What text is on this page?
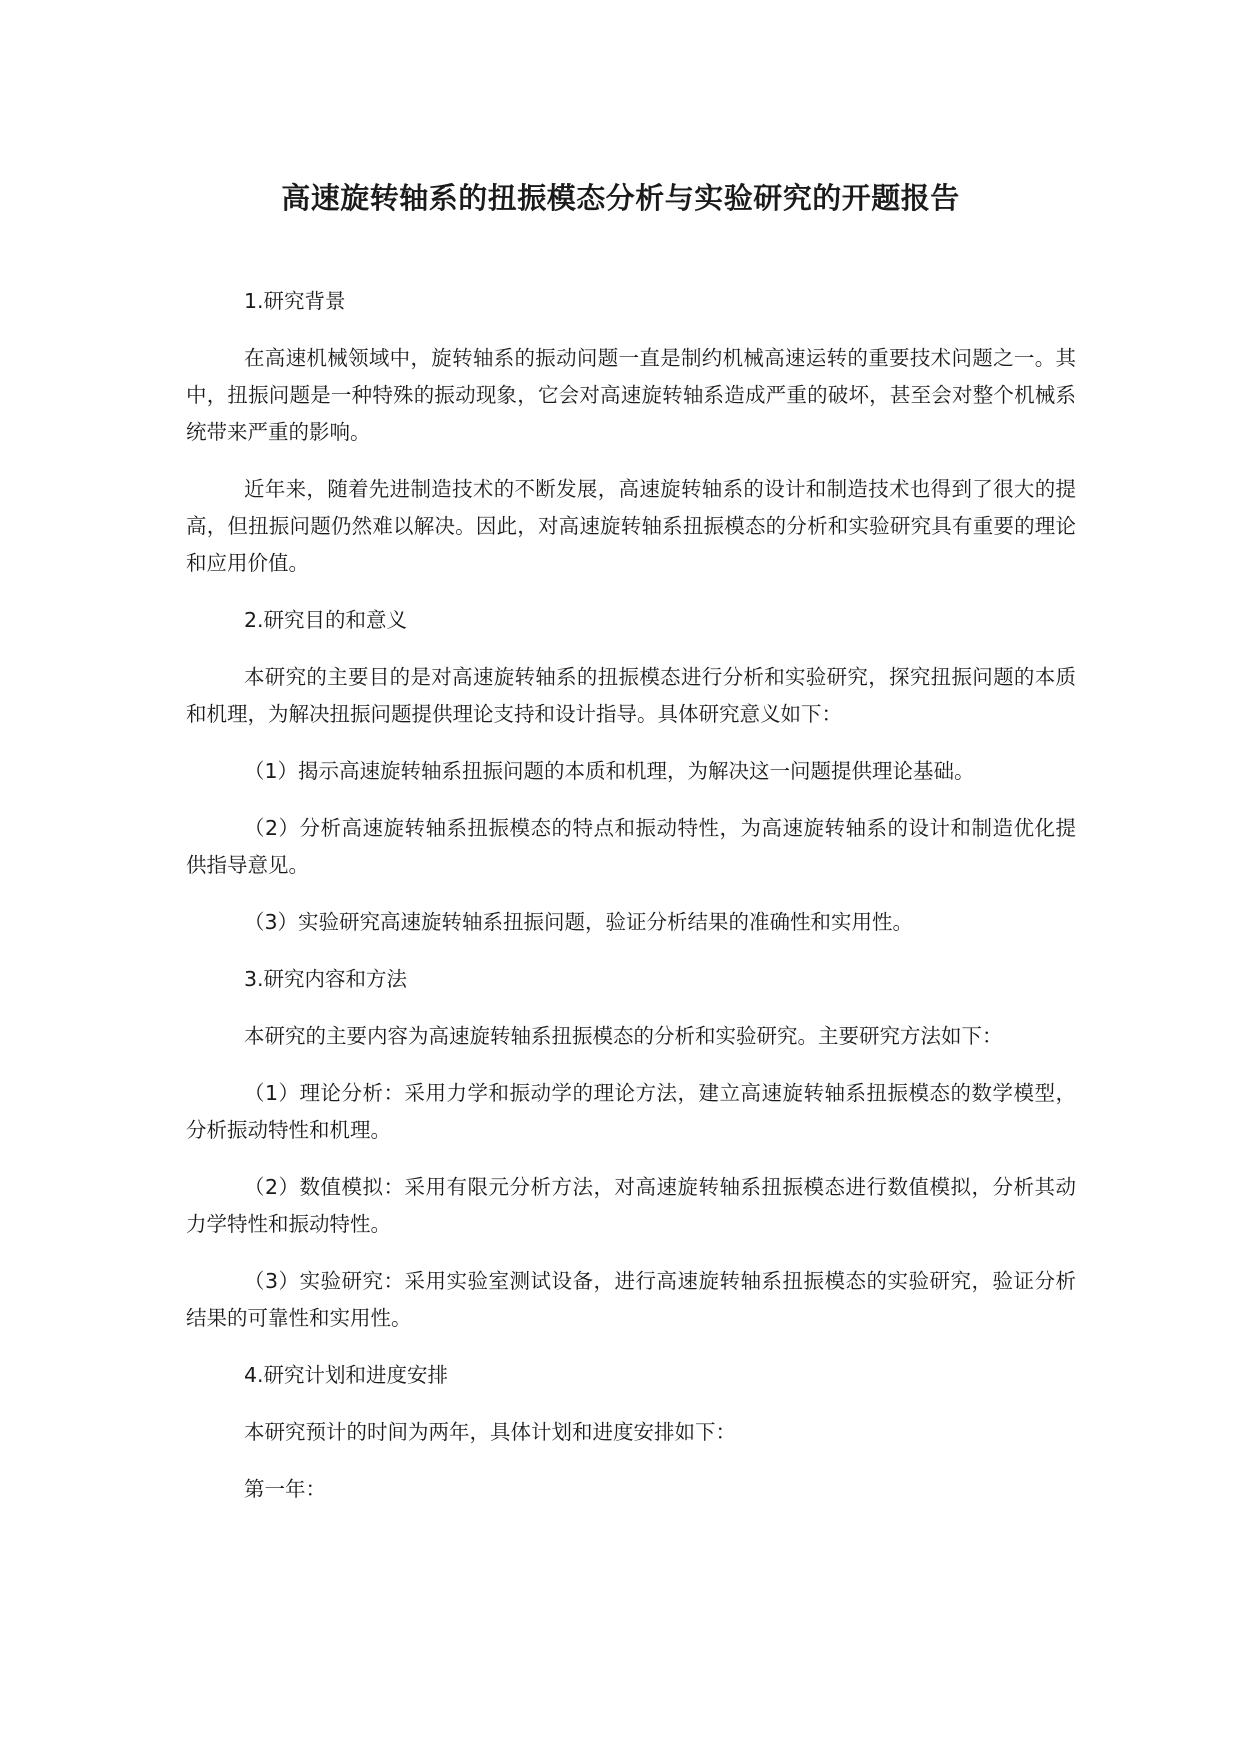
高速旋转轴系的扭振模态分析与实验研究的开题报告

1.研究背景

在高速机械领域中，旋转轴系的振动问题一直是制约机械高速运转的重要技术问题之一。其中，扭振问题是一种特殊的振动现象，它会对高速旋转轴系造成严重的破坏，甚至会对整个机械系统带来严重的影响。

近年来，随着先进制造技术的不断发展，高速旋转轴系的设计和制造技术也得到了很大的提高，但扭振问题仍然难以解决。因此，对高速旋转轴系扭振模态的分析和实验研究具有重要的理论和应用价值。

2.研究目的和意义

本研究的主要目的是对高速旋转轴系的扭振模态进行分析和实验研究，探究扭振问题的本质和机理，为解决扭振问题提供理论支持和设计指导。具体研究意义如下：

（1）揭示高速旋转轴系扭振问题的本质和机理，为解决这一问题提供理论基础。

（2）分析高速旋转轴系扭振模态的特点和振动特性，为高速旋转轴系的设计和制造优化提供指导意见。

（3）实验研究高速旋转轴系扭振问题，验证分析结果的准确性和实用性。

3.研究内容和方法

本研究的主要内容为高速旋转轴系扭振模态的分析和实验研究。主要研究方法如下：

（1）理论分析：采用力学和振动学的理论方法，建立高速旋转轴系扭振模态的数学模型，分析振动特性和机理。

（2）数值模拟：采用有限元分析方法，对高速旋转轴系扭振模态进行数值模拟，分析其动力学特性和振动特性。

（3）实验研究：采用实验室测试设备，进行高速旋转轴系扭振模态的实验研究，验证分析结果的可靠性和实用性。

4.研究计划和进度安排

本研究预计的时间为两年，具体计划和进度安排如下：

第一年：
